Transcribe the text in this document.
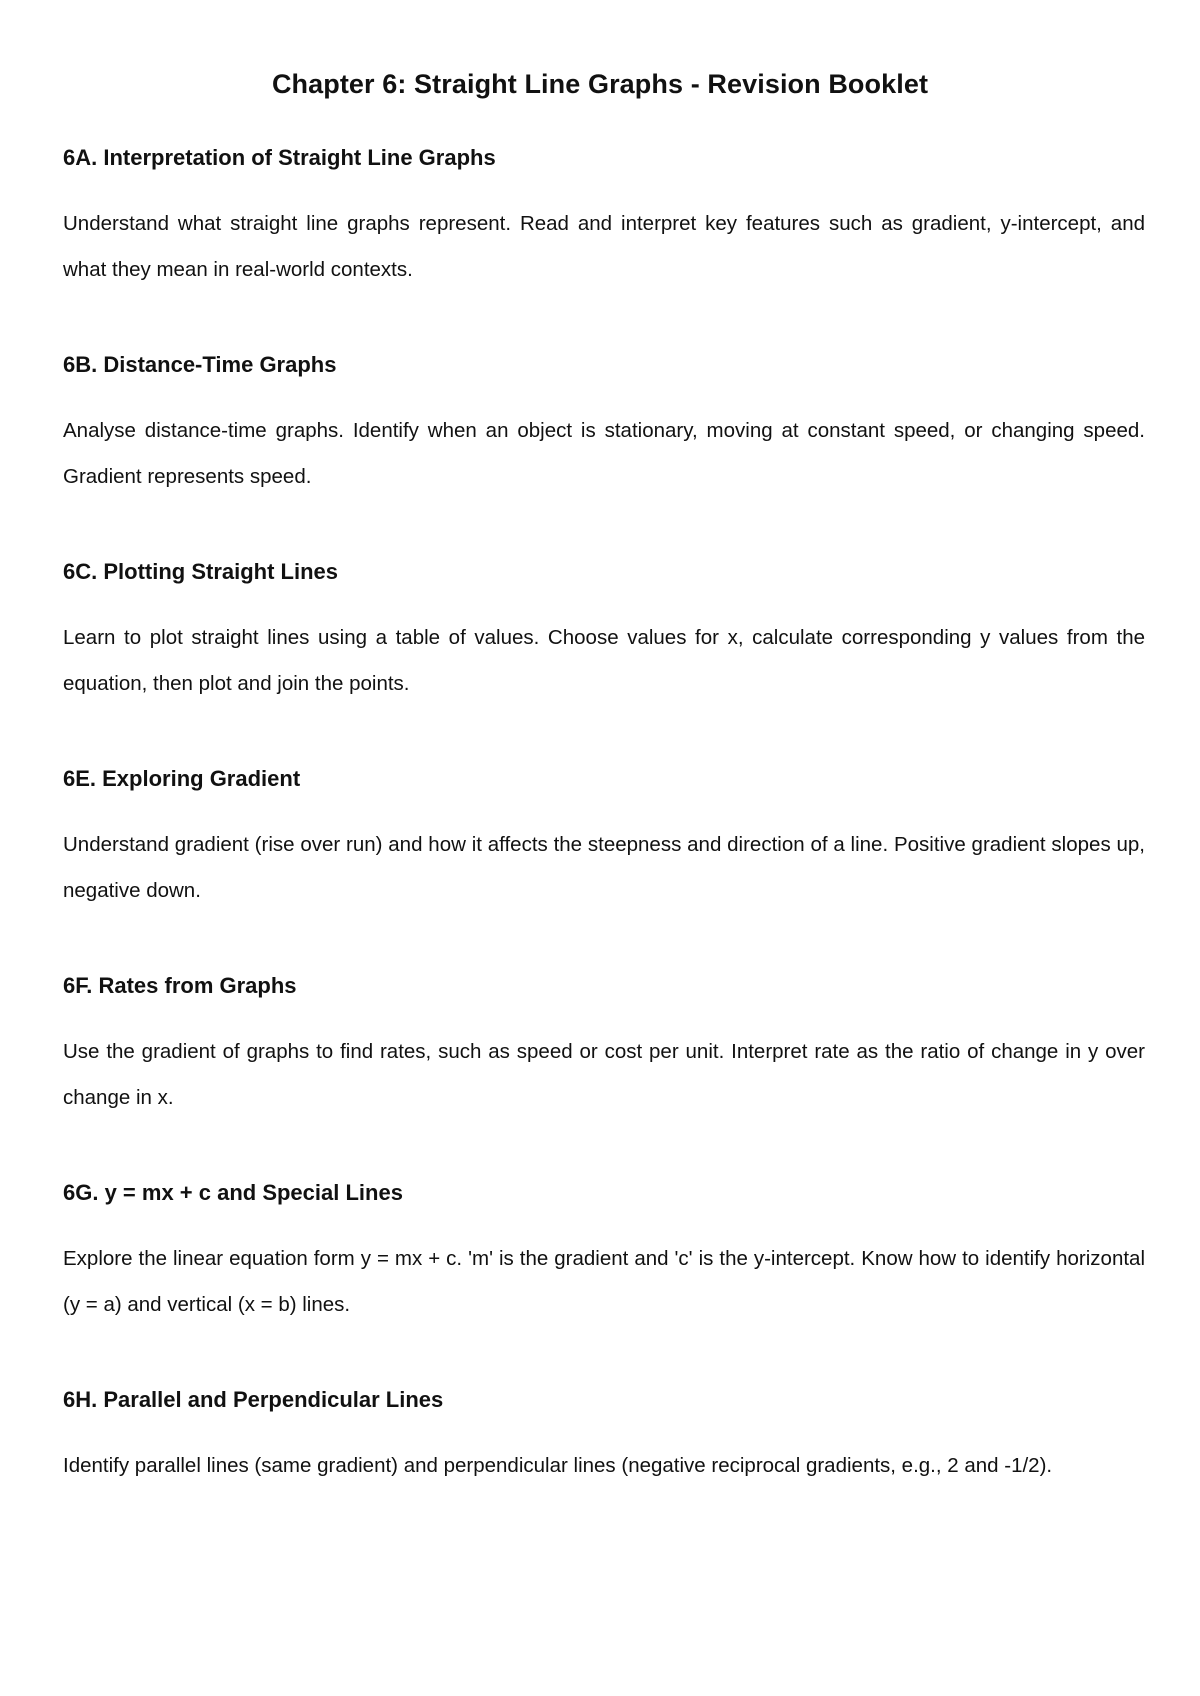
Chapter 6: Straight Line Graphs - Revision Booklet
6A. Interpretation of Straight Line Graphs

Understand what straight line graphs represent. Read and interpret key features such as gradient, y-intercept, and what they mean in real-world contexts.

6B. Distance-Time Graphs

Analyse distance-time graphs. Identify when an object is stationary, moving at constant speed, or changing speed. Gradient represents speed.

6C. Plotting Straight Lines

Learn to plot straight lines using a table of values. Choose values for x, calculate corresponding y values from the equation, then plot and join the points.

6E. Exploring Gradient

Understand gradient (rise over run) and how it affects the steepness and direction of a line. Positive gradient slopes up, negative down.

6F. Rates from Graphs

Use the gradient of graphs to find rates, such as speed or cost per unit. Interpret rate as the ratio of change in y over change in x.

6G. y = mx + c and Special Lines

Explore the linear equation form y = mx + c. 'm' is the gradient and 'c' is the y-intercept. Know how to identify horizontal (y = a) and vertical (x = b) lines.

6H. Parallel and Perpendicular Lines

Identify parallel lines (same gradient) and perpendicular lines (negative reciprocal gradients, e.g., 2 and -1/2).
